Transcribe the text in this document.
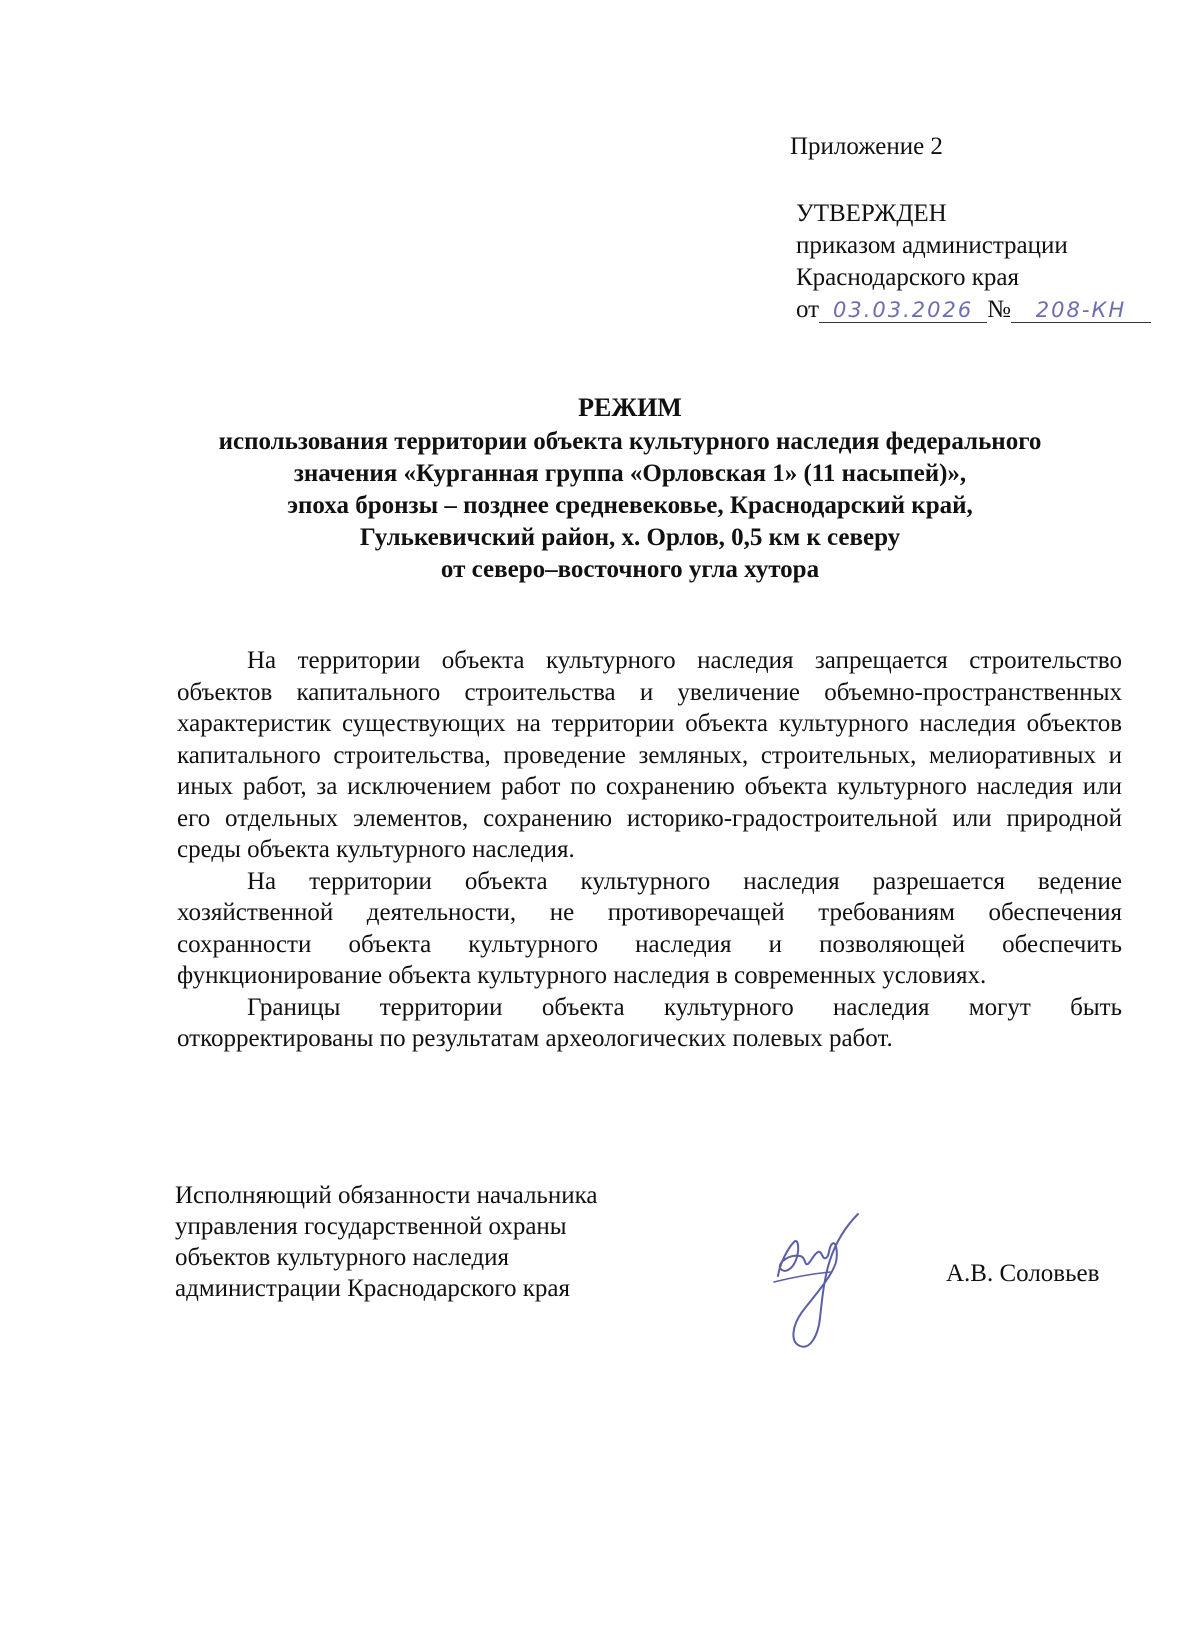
Приложение 2
УТВЕРЖДЕН
приказом администрации
Краснодарского края
от 03.03.2026 № 208-КН
РЕЖИМ
использования территории объекта культурного наследия федерального
значения «Курганная группа «Орловская 1» (11 насыпей)»,
эпоха бронзы – позднее средневековье, Краснодарский край,
Гулькевичский район, х. Орлов, 0,5 км к северу
от северо–восточного угла хутора

На территории объекта культурного наследия запрещается строительство объектов капитального строительства и увеличение объемно-пространственных характеристик существующих на территории объекта культурного наследия объектов капитального строительства, проведение земляных, строительных, мелиоративных и иных работ, за исключением работ по сохранению объекта культурного наследия или его отдельных элементов, сохранению историко-градостроительной или природной среды объекта культурного наследия.

На территории объекта культурного наследия разрешается ведение хозяйственной деятельности, не противоречащей требованиям обеспечения сохранности объекта культурного наследия и позволяющей обеспечить функционирование объекта культурного наследия в современных условиях.

Границы территории объекта культурного наследия могут быть откорректированы по результатам археологических полевых работ.

Исполняющий обязанности начальника
управления государственной охраны
объектов культурного наследия
администрации Краснодарского края
А.В. Соловьев
